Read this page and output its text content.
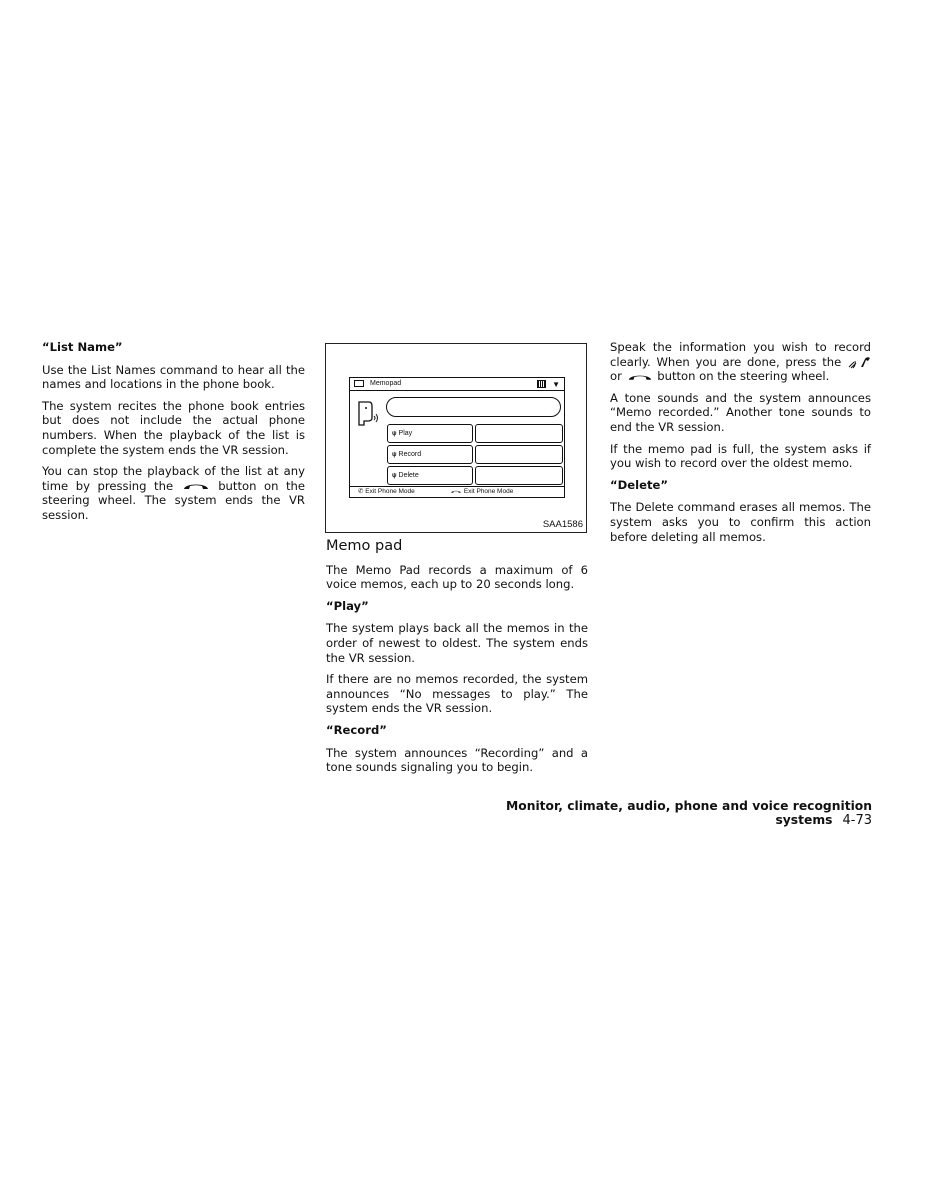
“List Name”

Use the List Names command to hear all the names and locations in the phone book.

The system recites the phone book entries but does not include the actual phone numbers. When the playback of the list is complete the system ends the VR session.

You can stop the playback of the list at any time by pressing the	button on the steering wheel. The system ends the VR session.

Memopad	▼
ψ Play
ψ Record
ψ Delete
✆ Exit Phone Mode	Exit Phone Mode
SAA1586
Memo pad

The Memo Pad records a maximum of 6 voice memos, each up to 20 seconds long.

“Play”

The system plays back all the memos in the order of newest to oldest. The system ends the VR session.

If there are no memos recorded, the system announces “No messages to play.” The system ends the VR session.

“Record”

The system announces “Recording” and a tone sounds signaling you to begin.

Speak the information you wish to record clearly. When you are done, press the  or	button on the steering wheel.

A tone sounds and the system announces “Memo recorded.” Another tone sounds to end the VR session.

If the memo pad is full, the system asks if you wish to record over the oldest memo.

“Delete”

The Delete command erases all memos. The system asks you to confirm this action before deleting all memos.

Monitor, climate, audio, phone and voice recognition systems 4-73
